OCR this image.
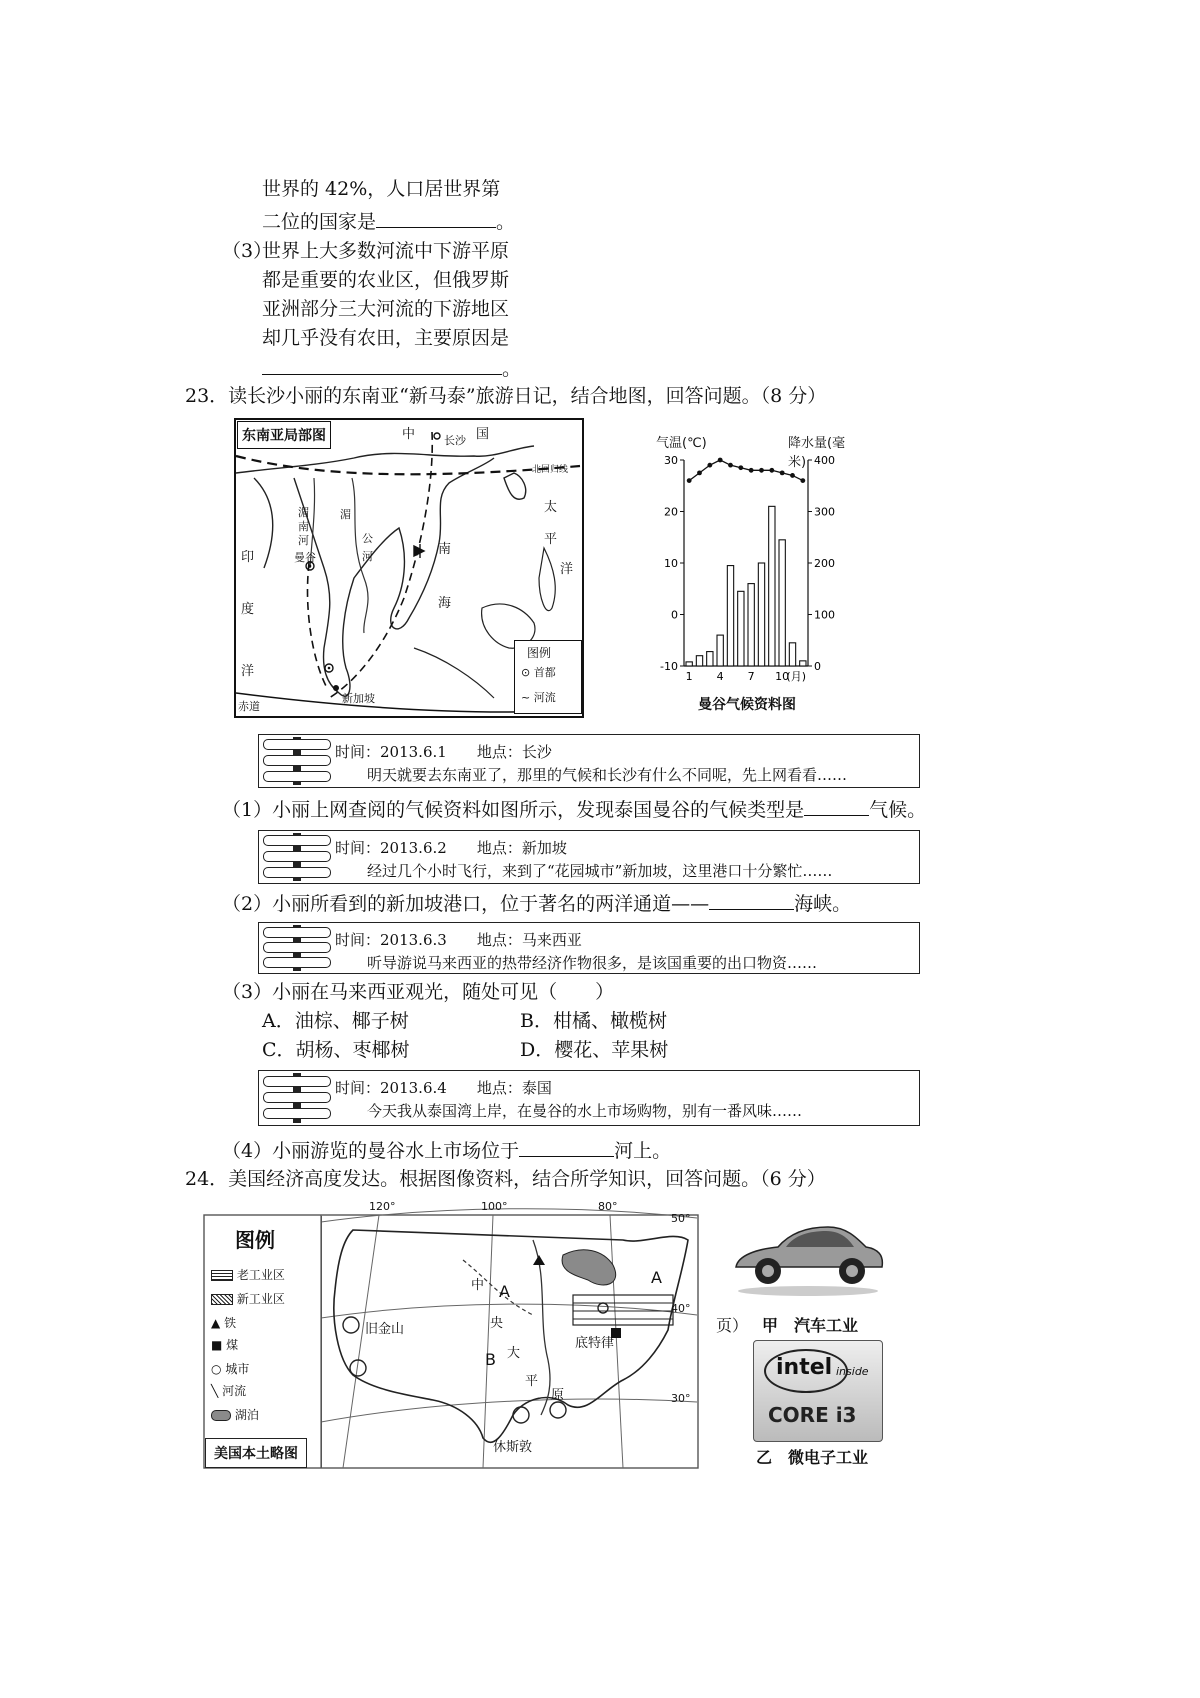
世界的 42%，人口居世界第
二位的国家是	。
（3）
世界上大多数河流中下游平原
都是重要的农业区，但俄罗斯
亚洲部分三大河流的下游地区
却几乎没有农田，主要原因是
。
23．读长沙小丽的东南亚“新马泰”旅游日记，结合地图，回答问题。（8 分）
东南亚局部图	中	国
长沙
北回归线
太
平
洋
印
度
洋
南
海
湄
南
河
曼谷
湄
公
河
赤道
新加坡
图例
⊙ 首都
~ 河流
气温(℃)	降水量(毫米)
-10
0
10
20
30
0
100
200
300
400
1 4 7 10
(月)
曼谷气候资料图
时间：2013.6.1　　 地点：长沙
明天就要去东南亚了，那里的气候和长沙有什么不同呢，先上网看看……
（1）小丽上网查阅的气候资料如图所示，发现泰国曼谷的气候类型是	气候。
时间：2013.6.2　　 地点：新加坡
经过几个小时飞行，来到了“花园城市”新加坡，这里港口十分繁忙……
（2）小丽所看到的新加坡港口，位于著名的两洋通道——	海峡。
时间：2013.6.3　　 地点：马来西亚
听导游说马来西亚的热带经济作物很多，是该国重要的出口物资……
（3）小丽在马来西亚观光，随处可见（　　）
A．油棕、椰子树	B．柑橘、橄榄树
C．胡杨、枣椰树	D．樱花、苹果树
时间：2013.6.4　　 地点：泰国
今天我从泰国湾上岸，在曼谷的水上市场购物，别有一番风味……
（4）小丽游览的曼谷水上市场位于	河上。
24．美国经济高度发达。根据图像资料，结合所学知识，回答问题。（6 分）
图例
老工业区
新工业区
▲ 铁
■ 煤
○ 城市
╲ 河流
湖泊
美国本土略图
120°	100°	80°
50°
40°
30°
旧金山
休斯敦
底特律
中
央
大
平
原
A
A
B
页） 甲　汽车工业
intel inside
CORE i3
乙　微电子工业
